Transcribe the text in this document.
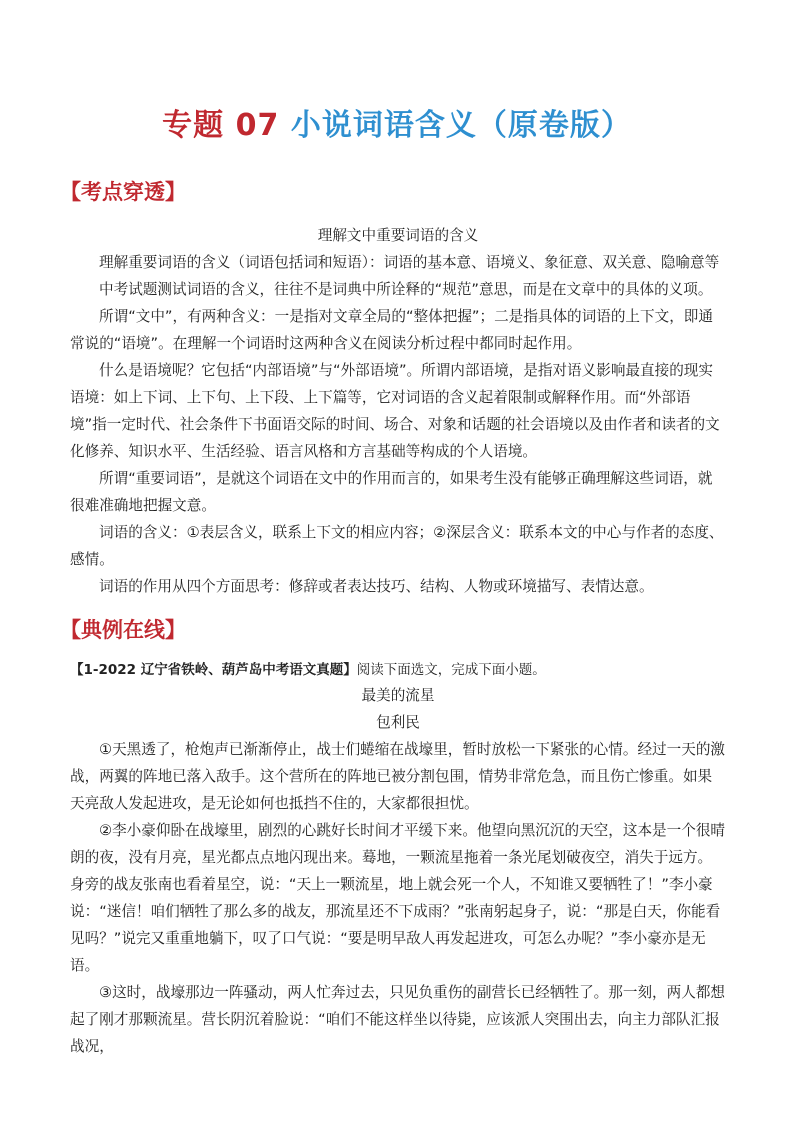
专题 07 小说词语含义（原卷版）
【考点穿透】

理解文中重要词语的含义

理解重要词语的含义（词语包括词和短语）：词语的基本意、语境义、象征意、双关意、隐喻意等

中考试题测试词语的含义，往往不是词典中所诠释的“规范”意思，而是在文章中的具体的义项。

所谓“文中”，有两种含义：一是指对文章全局的“整体把握”；二是指具体的词语的上下文，即通常说的“语境”。在理解一个词语时这两种含义在阅读分析过程中都同时起作用。

什么是语境呢？它包括“内部语境”与“外部语境”。所谓内部语境，是指对语义影响最直接的现实语境：如上下词、上下句、上下段、上下篇等，它对词语的含义起着限制或解释作用。而“外部语境”指一定时代、社会条件下书面语交际的时间、场合、对象和话题的社会语境以及由作者和读者的文化修养、知识水平、生活经验、语言风格和方言基础等构成的个人语境。

所谓“重要词语”，是就这个词语在文中的作用而言的，如果考生没有能够正确理解这些词语，就很难准确地把握文意。

词语的含义：①表层含义，联系上下文的相应内容；②深层含义：联系本文的中心与作者的态度、感情。

词语的作用从四个方面思考：修辞或者表达技巧、结构、人物或环境描写、表情达意。

【典例在线】

【1-2022 辽宁省铁岭、葫芦岛中考语文真题】阅读下面选文，完成下面小题。

最美的流星

包利民

①天黑透了，枪炮声已渐渐停止，战士们蜷缩在战壕里，暂时放松一下紧张的心情。经过一天的激战，两翼的阵地已落入敌手。这个营所在的阵地已被分割包围，情势非常危急，而且伤亡惨重。如果天亮敌人发起进攻，是无论如何也抵挡不住的，大家都很担忧。

②李小豪仰卧在战壕里，剧烈的心跳好长时间才平缓下来。他望向黑沉沉的天空，这本是一个很晴朗的夜，没有月亮，星光都点点地闪现出来。蓦地，一颗流星拖着一条光尾划破夜空，消失于远方。身旁的战友张南也看着星空，说：“天上一颗流星，地上就会死一个人，不知谁又要牺牲了！”李小豪说：“迷信！咱们牺牲了那么多的战友，那流星还不下成雨？”张南躬起身子，说：“那是白天，你能看见吗？”说完又重重地躺下，叹了口气说：“要是明早敌人再发起进攻，可怎么办呢？”李小豪亦是无语。

③这时，战壕那边一阵骚动，两人忙奔过去，只见负重伤的副营长已经牺牲了。那一刻，两人都想起了刚才那颗流星。营长阴沉着脸说：“咱们不能这样坐以待毙，应该派人突围出去，向主力部队汇报战况，
